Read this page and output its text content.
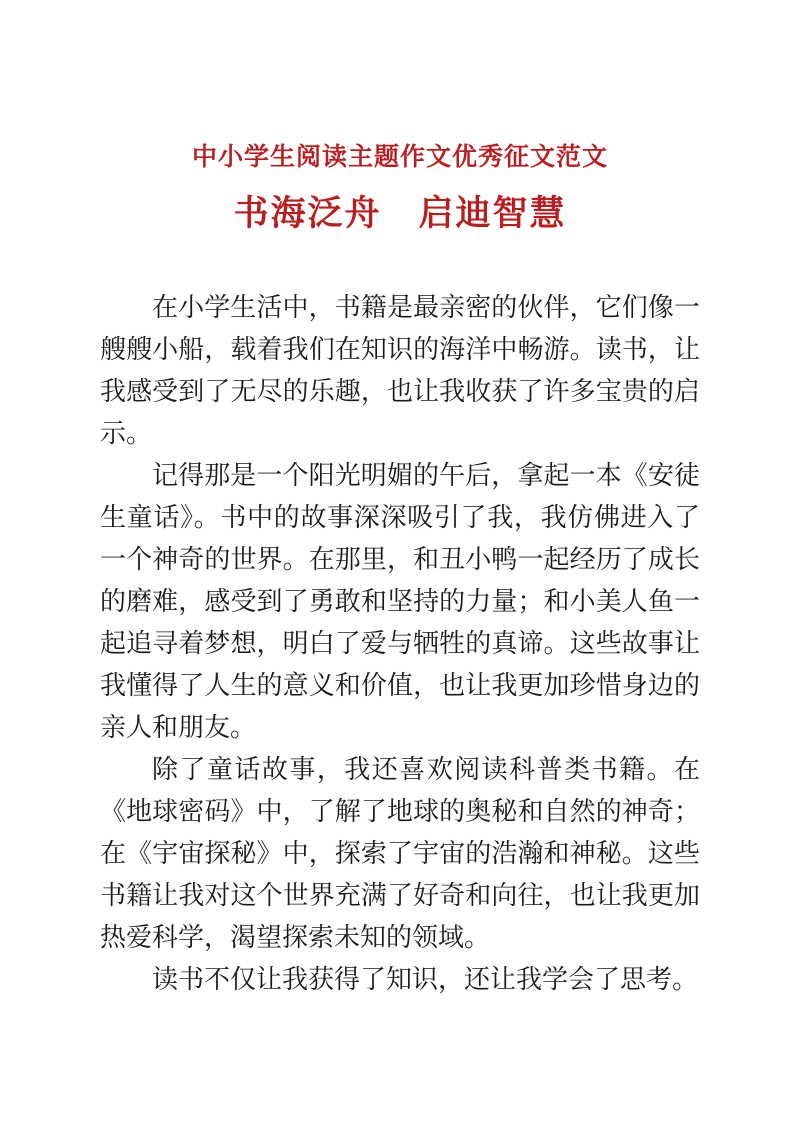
中小学生阅读主题作文优秀征文范文
书海泛舟　启迪智慧

在小学生活中，书籍是最亲密的伙伴，它们像一艘艘小船，载着我们在知识的海洋中畅游。读书，让我感受到了无尽的乐趣，也让我收获了许多宝贵的启示。

记得那是一个阳光明媚的午后，拿起一本《安徒生童话》。书中的故事深深吸引了我，我仿佛进入了一个神奇的世界。在那里，和丑小鸭一起经历了成长的磨难，感受到了勇敢和坚持的力量；和小美人鱼一起追寻着梦想，明白了爱与牺牲的真谛。这些故事让我懂得了人生的意义和价值，也让我更加珍惜身边的亲人和朋友。

除了童话故事，我还喜欢阅读科普类书籍。在《地球密码》中，了解了地球的奥秘和自然的神奇；在《宇宙探秘》中，探索了宇宙的浩瀚和神秘。这些书籍让我对这个世界充满了好奇和向往，也让我更加热爱科学，渴望探索未知的领域。

读书不仅让我获得了知识，还让我学会了思考。
